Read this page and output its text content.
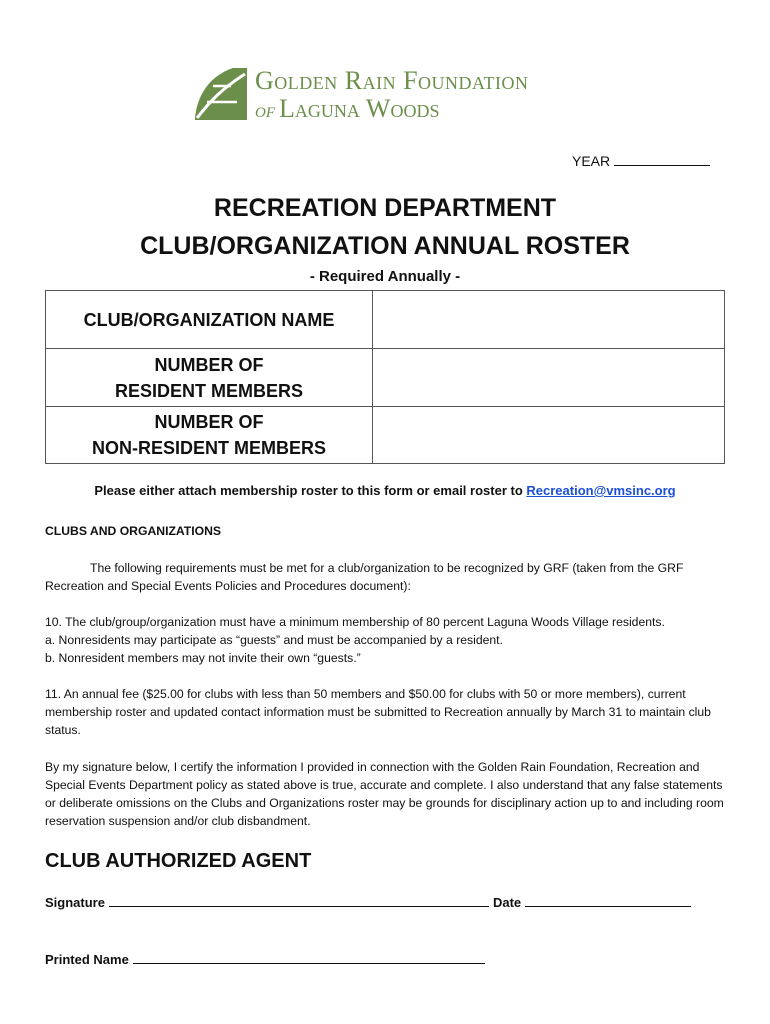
Golden Rain Foundation
of Laguna Woods
YEAR
RECREATION DEPARTMENT
CLUB/ORGANIZATION ANNUAL ROSTER
- Required Annually -
CLUB/ORGANIZATION NAME	

NUMBER OF
RESIDENT MEMBERS	

NUMBER OF
NON-RESIDENT MEMBERS	

Please either attach membership roster to this form or email roster to Recreation@vmsinc.org
CLUBS AND ORGANIZATIONS
The following requirements must be met for a club/organization to be recognized by GRF (taken from the GRF Recreation and Special Events Policies and Procedures document):
10. The club/group/organization must have a minimum membership of 80 percent Laguna Woods Village residents.
a. Nonresidents may participate as “guests” and must be accompanied by a resident.
b. Nonresident members may not invite their own “guests.”
11. An annual fee ($25.00 for clubs with less than 50 members and $50.00 for clubs with 50 or more members), current membership roster and updated contact information must be submitted to Recreation annually by March 31 to maintain club status.
By my signature below, I certify the information I provided in connection with the Golden Rain Foundation, Recreation and Special Events Department policy as stated above is true, accurate and complete. I also understand that any false statements or deliberate omissions on the Clubs and Organizations roster may be grounds for disciplinary action up to and including room reservation suspension and/or club disbandment.
CLUB AUTHORIZED AGENT
Signature	Date
Printed Name
